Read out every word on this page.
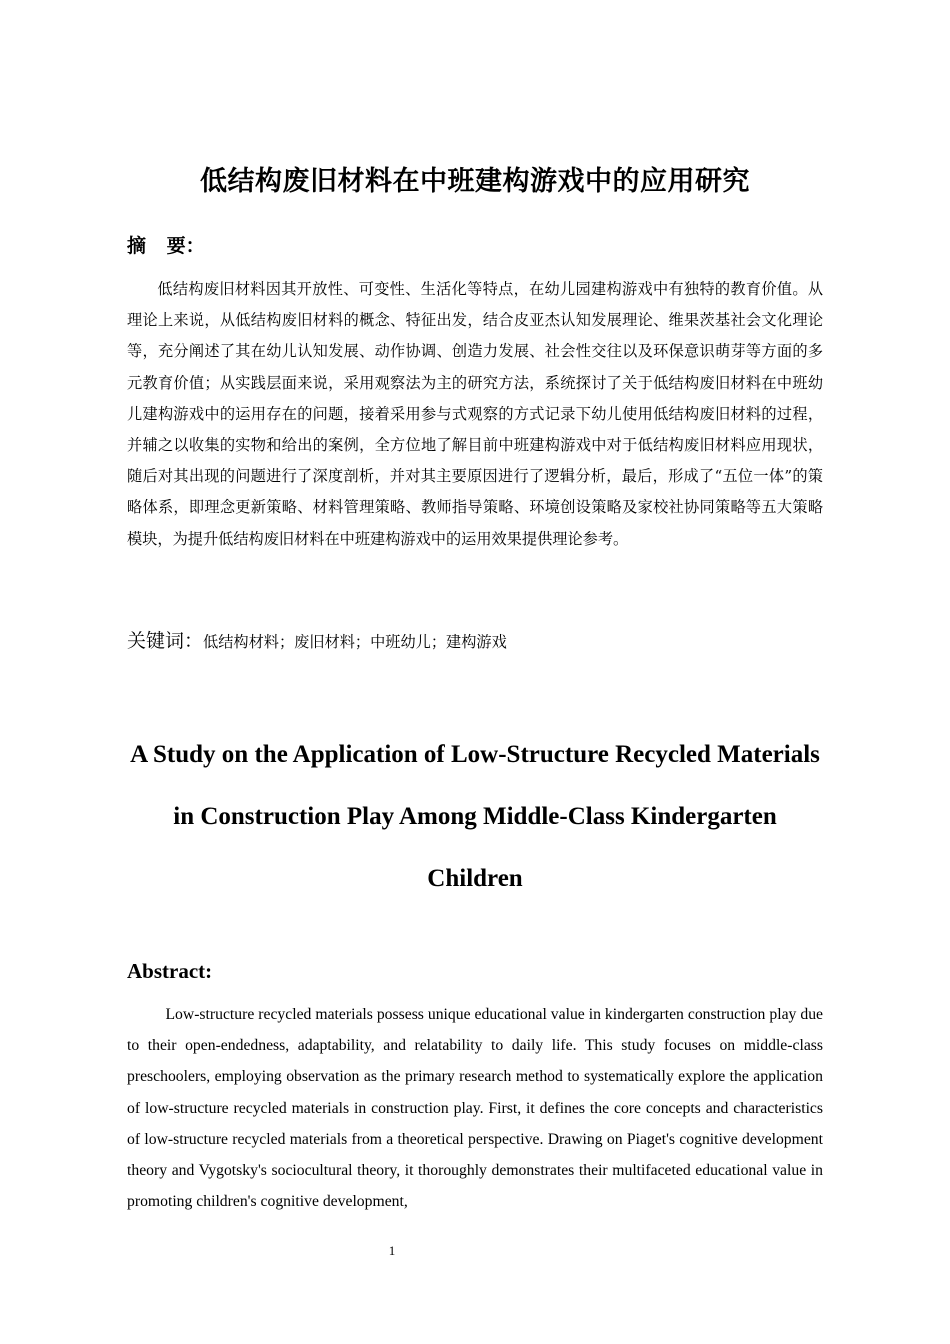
低结构废旧材料在中班建构游戏中的应用研究
摘 要：

低结构废旧材料因其开放性、可变性、生活化等特点，在幼儿园建构游戏中有独特的教育价值。从理论上来说，从低结构废旧材料的概念、特征出发，结合皮亚杰认知发展理论、维果茨基社会文化理论等，充分阐述了其在幼儿认知发展、动作协调、创造力发展、社会性交往以及环保意识萌芽等方面的多元教育价值；从实践层面来说，采用观察法为主的研究方法，系统探讨了关于低结构废旧材料在中班幼儿建构游戏中的运用存在的问题，接着采用参与式观察的方式记录下幼儿使用低结构废旧材料的过程，并辅之以收集的实物和给出的案例，全方位地了解目前中班建构游戏中对于低结构废旧材料应用现状，随后对其出现的问题进行了深度剖析，并对其主要原因进行了逻辑分析，最后，形成了“五位一体”的策略体系，即理念更新策略、材料管理策略、教师指导策略、环境创设策略及家校社协同策略等五大策略模块，为提升低结构废旧材料在中班建构游戏中的运用效果提供理论参考。

关键词：低结构材料；废旧材料；中班幼儿；建构游戏

A Study on the Application of Low-Structure Recycled Materials in Construction Play Among Middle-Class Kindergarten Children

Abstract:

Low-structure recycled materials possess unique educational value in kindergarten construction play due to their open-endedness, adaptability, and relatability to daily life. This study focuses on middle-class preschoolers, employing observation as the primary research method to systematically explore the application of low-structure recycled materials in construction play. First, it defines the core concepts and characteristics of low-structure recycled materials from a theoretical perspective. Drawing on Piaget's cognitive development theory and Vygotsky's sociocultural theory, it thoroughly demonstrates their multifaceted educational value in promoting children's cognitive development,

1
